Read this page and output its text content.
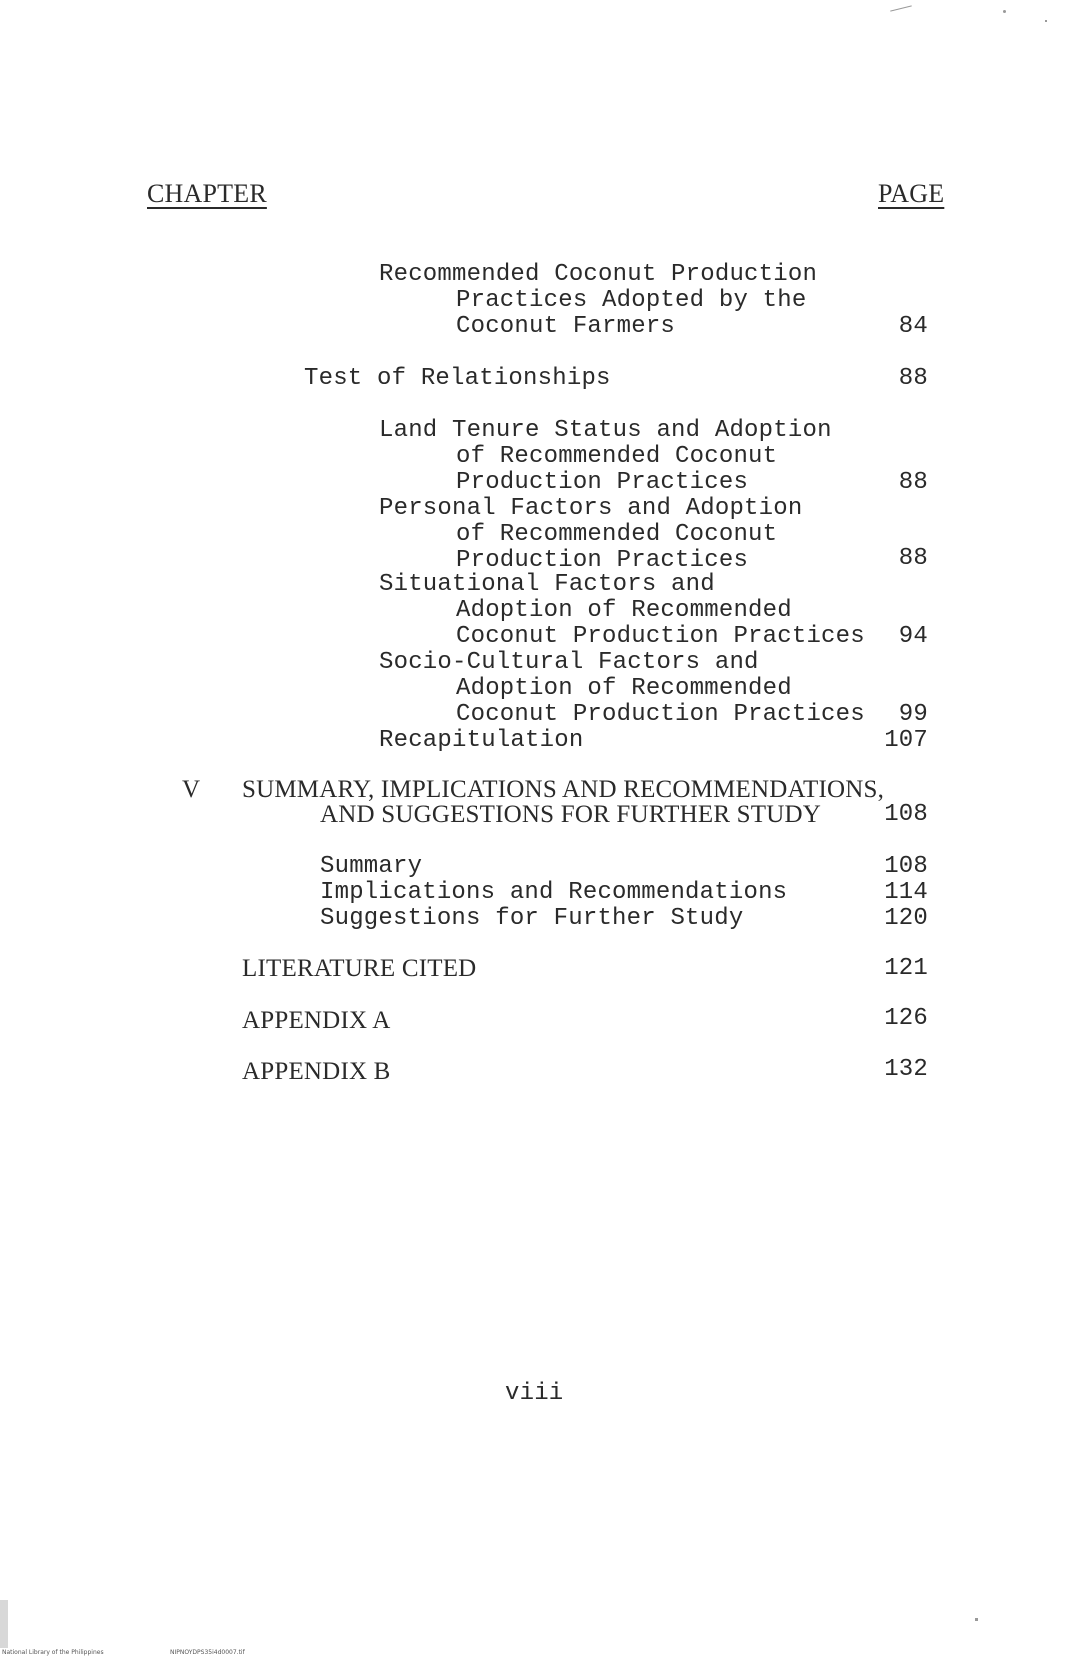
CHAPTER	PAGE
Recommended Coconut Production
Practices Adopted by the
Coconut Farmers	84
Test of Relationships	88
Land Tenure Status and Adoption
of Recommended Coconut
Production Practices	88
Personal Factors and Adoption
of Recommended Coconut
Production Practices	88
Situational Factors and
Adoption of Recommended
Coconut Production Practices	94
Socio-Cultural Factors and
Adoption of Recommended
Coconut Production Practices	99
Recapitulation	107
V SUMMARY, IMPLICATIONS AND RECOMMENDATIONS,
AND SUGGESTIONS FOR FURTHER STUDY	108
Summary	108
Implications and Recommendations	114
Suggestions for Further Study	120
LITERATURE CITED	121
APPENDIX A	126
APPENDIX B	132
viii
National Library of the Philippines	NIPNOYDPS35i4d0007.tif
